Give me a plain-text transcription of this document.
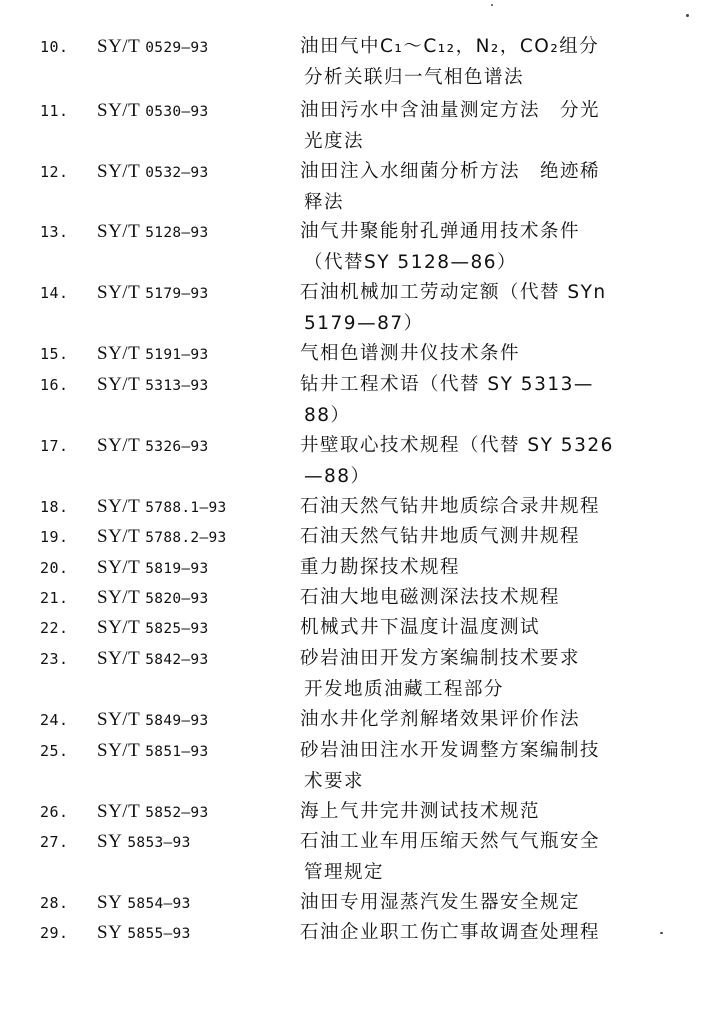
10. SY/T 0529—93	油田气中C₁～C₁₂，N₂，CO₂组分
分析关联归一气相色谱法
11. SY/T 0530—93	油田污水中含油量测定方法　分光
光度法
12. SY/T 0532—93	油田注入水细菌分析方法　绝迹稀
释法
13. SY/T 5128—93	油气井聚能射孔弹通用技术条件
（代替SY 5128—86）
14. SY/T 5179—93	石油机械加工劳动定额（代替 SYn
5179—87）
15. SY/T 5191—93	气相色谱测井仪技术条件
16. SY/T 5313—93	钻井工程术语（代替 SY 5313—
88）
17. SY/T 5326—93	井壁取心技术规程（代替 SY 5326
—88）
18. SY/T 5788.1—93	石油天然气钻井地质综合录井规程
19. SY/T 5788.2—93	石油天然气钻井地质气测井规程
20. SY/T 5819—93	重力勘探技术规程
21. SY/T 5820—93	石油大地电磁测深法技术规程
22. SY/T 5825—93	机械式井下温度计温度测试
23. SY/T 5842—93	砂岩油田开发方案编制技术要求
开发地质油藏工程部分
24. SY/T 5849—93	油水井化学剂解堵效果评价作法
25. SY/T 5851—93	砂岩油田注水开发调整方案编制技
术要求
26. SY/T 5852—93	海上气井完井测试技术规范
27. SY 5853—93	石油工业车用压缩天然气气瓶安全
管理规定
28. SY 5854—93	油田专用湿蒸汽发生器安全规定
29. SY 5855—93	石油企业职工伤亡事故调查处理程
